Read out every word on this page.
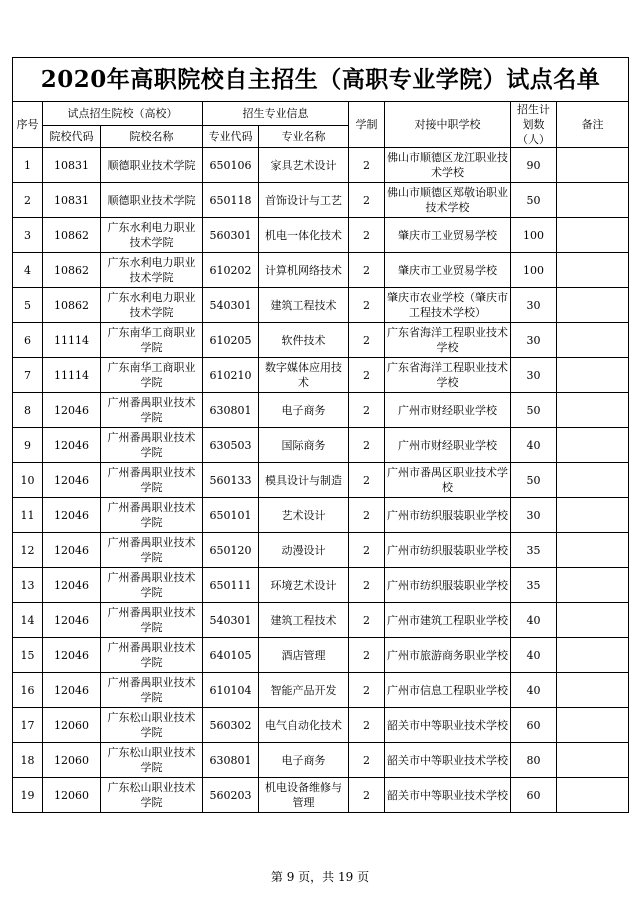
2020年高职院校自主招生（高职专业学院）试点名单								
序号	试点招生院校（高校）		招生专业信息		学制	对接中职学校	招生计划数（人）	备注
	院校代码	院校名称	专业代码	专业名称				
1	10831	顺德职业技术学院	650106	家具艺术设计	2	佛山市顺德区龙江职业技术学校	90	
2	10831	顺德职业技术学院	650118	首饰设计与工艺	2	佛山市顺德区郑敬诒职业技术学校	50	
3	10862	广东水利电力职业技术学院	560301	机电一体化技术	2	肇庆市工业贸易学校	100	
4	10862	广东水利电力职业技术学院	610202	计算机网络技术	2	肇庆市工业贸易学校	100	
5	10862	广东水利电力职业技术学院	540301	建筑工程技术	2	肇庆市农业学校（肇庆市工程技术学校）	30	
6	11114	广东南华工商职业学院	610205	软件技术	2	广东省海洋工程职业技术学校	30	
7	11114	广东南华工商职业学院	610210	数字媒体应用技术	2	广东省海洋工程职业技术学校	30	
8	12046	广州番禺职业技术学院	630801	电子商务	2	广州市财经职业学校	50	
9	12046	广州番禺职业技术学院	630503	国际商务	2	广州市财经职业学校	40	
10	12046	广州番禺职业技术学院	560133	模具设计与制造	2	广州市番禺区职业技术学校	50	
11	12046	广州番禺职业技术学院	650101	艺术设计	2	广州市纺织服装职业学校	30	
12	12046	广州番禺职业技术学院	650120	动漫设计	2	广州市纺织服装职业学校	35	
13	12046	广州番禺职业技术学院	650111	环境艺术设计	2	广州市纺织服装职业学校	35	
14	12046	广州番禺职业技术学院	540301	建筑工程技术	2	广州市建筑工程职业学校	40	
15	12046	广州番禺职业技术学院	640105	酒店管理	2	广州市旅游商务职业学校	40	
16	12046	广州番禺职业技术学院	610104	智能产品开发	2	广州市信息工程职业学校	40	
17	12060	广东松山职业技术学院	560302	电气自动化技术	2	韶关市中等职业技术学校	60	
18	12060	广东松山职业技术学院	630801	电子商务	2	韶关市中等职业技术学校	80	
19	12060	广东松山职业技术学院	560203	机电设备维修与管理	2	韶关市中等职业技术学校	60	
第 9 页，共 19 页
